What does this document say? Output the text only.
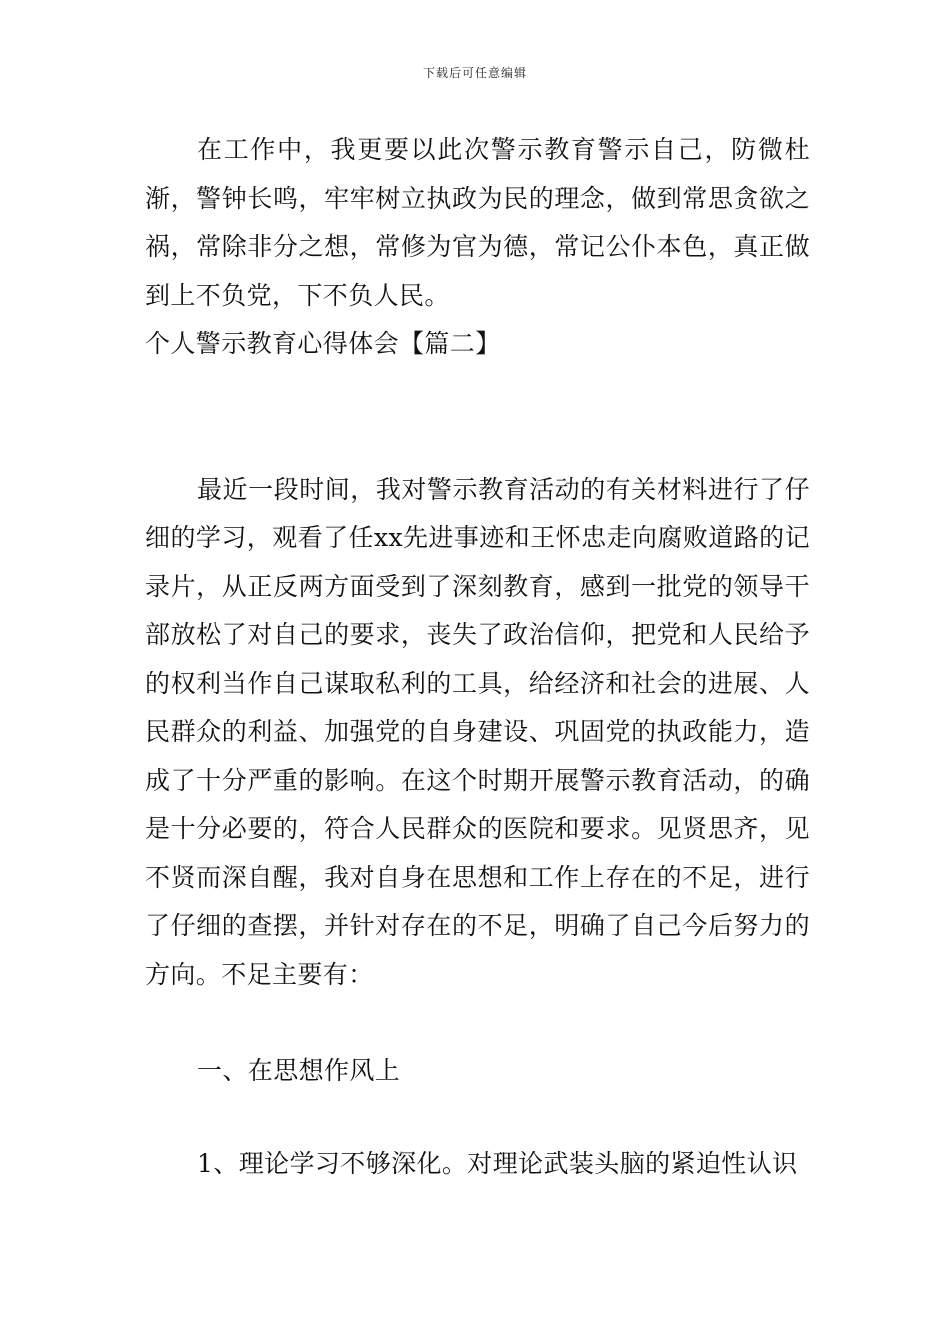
下载后可任意编辑

在工作中，我更要以此次警示教育警示自己，防微杜渐，警钟长鸣，牢牢树立执政为民的理念，做到常思贪欲之祸，常除非分之想，常修为官为德，常记公仆本色，真正做到上不负党，下不负人民。

个人警示教育心得体会【篇二】

最近一段时间，我对警示教育活动的有关材料进行了仔细的学习，观看了任xx先进事迹和王怀忠走向腐败道路的记录片，从正反两方面受到了深刻教育，感到一批党的领导干部放松了对自己的要求，丧失了政治信仰，把党和人民给予的权利当作自己谋取私利的工具，给经济和社会的进展、人民群众的利益、加强党的自身建设、巩固党的执政能力，造成了十分严重的影响。在这个时期开展警示教育活动，的确是十分必要的，符合人民群众的医院和要求。见贤思齐，见不贤而深自醒，我对自身在思想和工作上存在的不足，进行了仔细的查摆，并针对存在的不足，明确了自己今后努力的方向。不足主要有：

一、在思想作风上

1、理论学习不够深化。对理论武装头脑的紧迫性认识
